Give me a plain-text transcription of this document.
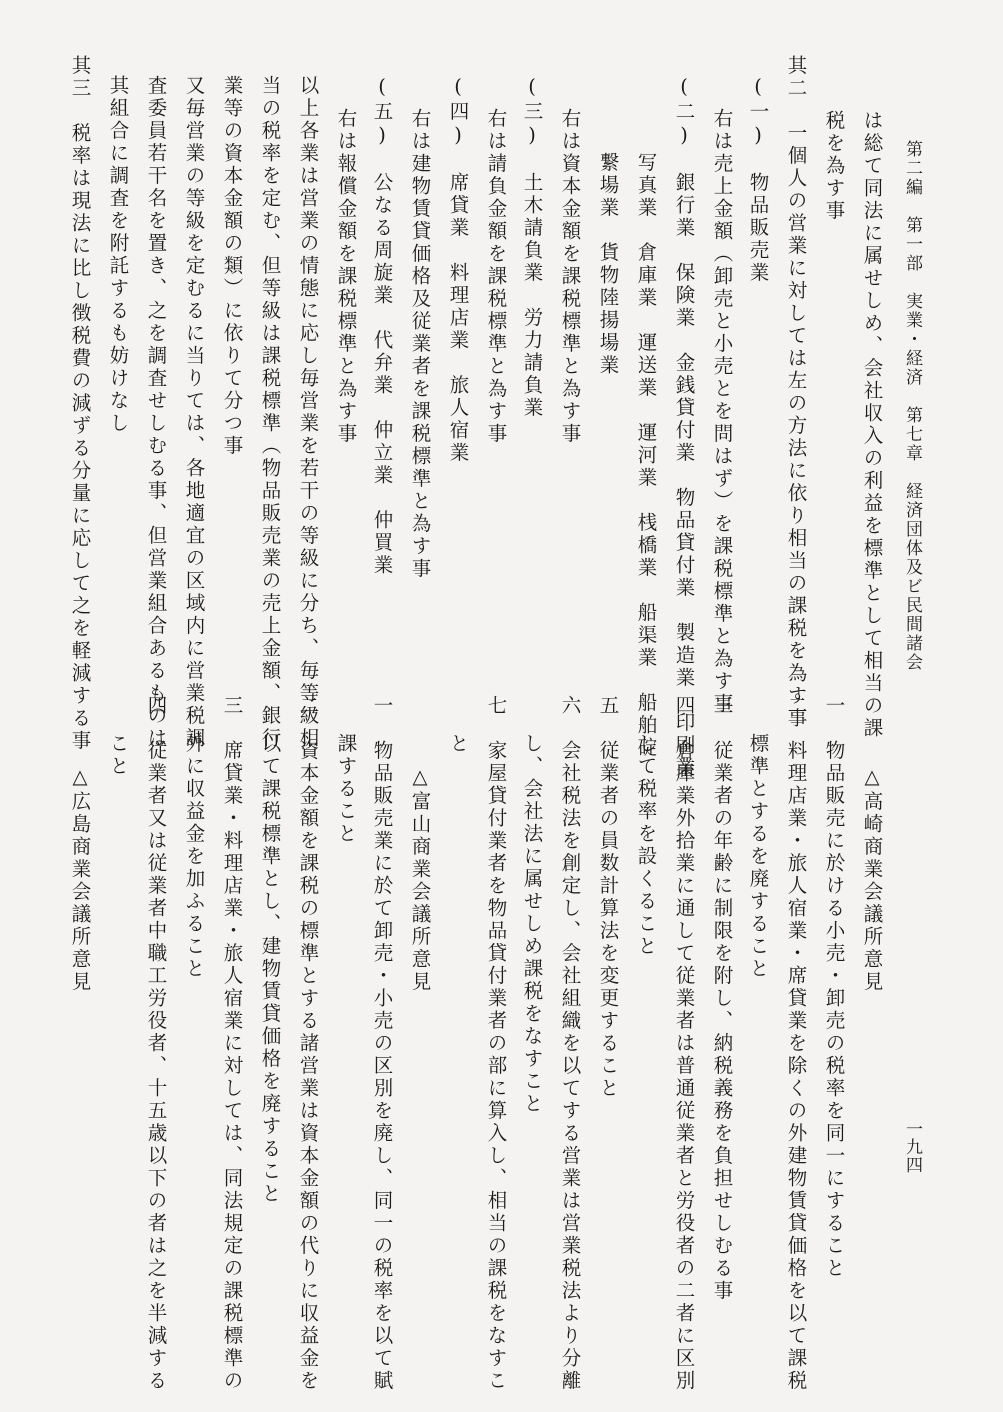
第二編　第一部　実業・経済　第七章　経済団体及ビ民間諸会
一九四
は総て同法に属せしめ、会社収入の利益を標準として相当の課
税を為す事
其二　一個人の営業に対しては左の方法に依り相当の課税を為す事
(一)　物品販売業
右は売上金額（卸売と小売とを問はず）を課税標準と為す事
(二)　銀行業　保険業　金銭貸付業　物品貸付業　製造業　印刷業
写真業　倉庫業　運送業　運河業　桟橋業　船渠業　船舶碇
繋場業　貨物陸揚場業
右は資本金額を課税標準と為す事
(三)　土木請負業　労力請負業
右は請負金額を課税標準と為す事
(四)　席貸業　料理店業　旅人宿業
右は建物賃貸価格及従業者を課税標準と為す事
(五)　公なる周旋業　代弁業　仲立業　仲買業
右は報償金額を課税標準と為す事
以上各業は営業の情態に応し毎営業を若干の等級に分ち、毎等級相
当の税率を定む、但等級は課税標準（物品販売業の売上金額、銀行
業等の資本金額の類）に依りて分つ事
又毎営業の等級を定むるに当りては、各地適宜の区域内に営業税調
査委員若干名を置き、之を調査せしむる事、但営業組合あるものは
其組合に調査を附託するも妨けなし
其三　税率は現法に比し徴税費の減ずる分量に応して之を軽減する事
△高崎商業会議所意見
一　物品販売に於ける小売・卸売の税率を同一にすること
二　料理店業・旅人宿業・席貸業を除くの外建物賃貸価格を以て課税
標準とするを廃すること
三　従業者の年齢に制限を附し、納税義務を負担せしむる事
四　倉庫業外拾業に通して従業者は普通従業者と労役者の二者に区別
して税率を設くること
五　従業者の員数計算法を変更すること
六　会社税法を創定し、会社組織を以てする営業は営業税法より分離
し、会社法に属せしめ課税をなすこと
七　家屋貸付業者を物品貸付業者の部に算入し、相当の課税をなすこ
と
△富山商業会議所意見
一　物品販売業に於て卸売・小売の区別を廃し、同一の税率を以て賦
課すること
二　資本金額を課税の標準とする諸営業は資本金額の代りに収益金を
以て課税標準とし、建物賃貸価格を廃すること
三　席貸業・料理店業・旅人宿業に対しては、同法規定の課税標準の
外に収益金を加ふること
四　従業者又は従業者中職工労役者、十五歳以下の者は之を半減する
こと
△広島商業会議所意見
